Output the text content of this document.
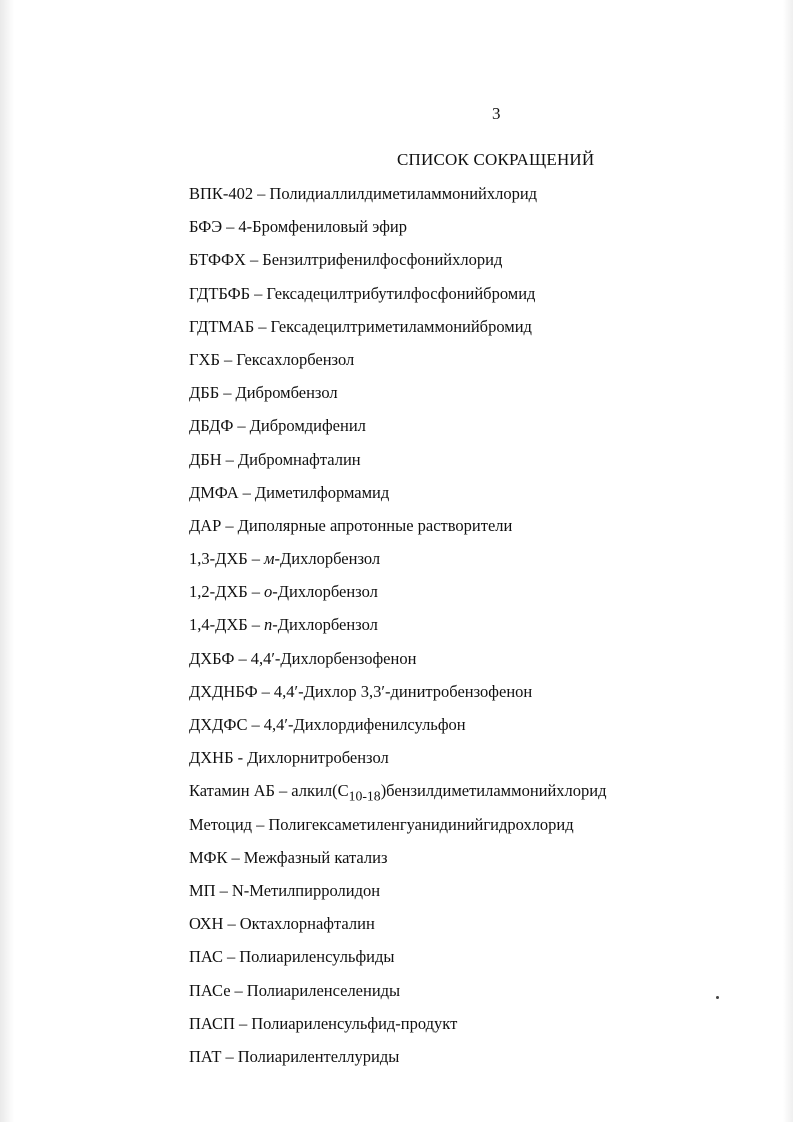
3
СПИСОК СОКРАЩЕНИЙ
ВПК-402 – Полидиаллилдиметиламмонийхлорид
БФЭ – 4-Бромфениловый эфир
БТФФХ – Бензилтрифенилфосфонийхлорид
ГДТБФБ – Гексадецилтрибутилфосфонийбромид
ГДТМАБ – Гексадецилтриметиламмонийбромид
ГХБ – Гексахлорбензол
ДББ – Дибромбензол
ДБДФ – Дибромдифенил
ДБН – Дибромнафталин
ДМФА – Диметилформамид
ДАР – Диполярные апротонные растворители
1,3-ДХБ – м-Дихлорбензол
1,2-ДХБ – о-Дихлорбензол
1,4-ДХБ – п-Дихлорбензол
ДХБФ – 4,4′-Дихлорбензофенон
ДХДНБФ – 4,4′-Дихлор 3,3′-динитробензофенон
ДХДФС – 4,4′-Дихлордифенилсульфон
ДХНБ - Дихлорнитробензол
Катамин АБ – $алкил(С_{10-18})бензилдиметиламмонийхлорид$
Метоцид – Полигексаметиленгуанидинийгидрохлорид
МФК – Межфазный катализ
МП – N-Метилпирролидон
ОХН – Октахлорнафталин
ПАС – Полиариленсульфиды
ПАСе – Полиариленселениды
ПАСП – Полиариленсульфид-продукт
ПАТ – Полиарилентеллуриды
